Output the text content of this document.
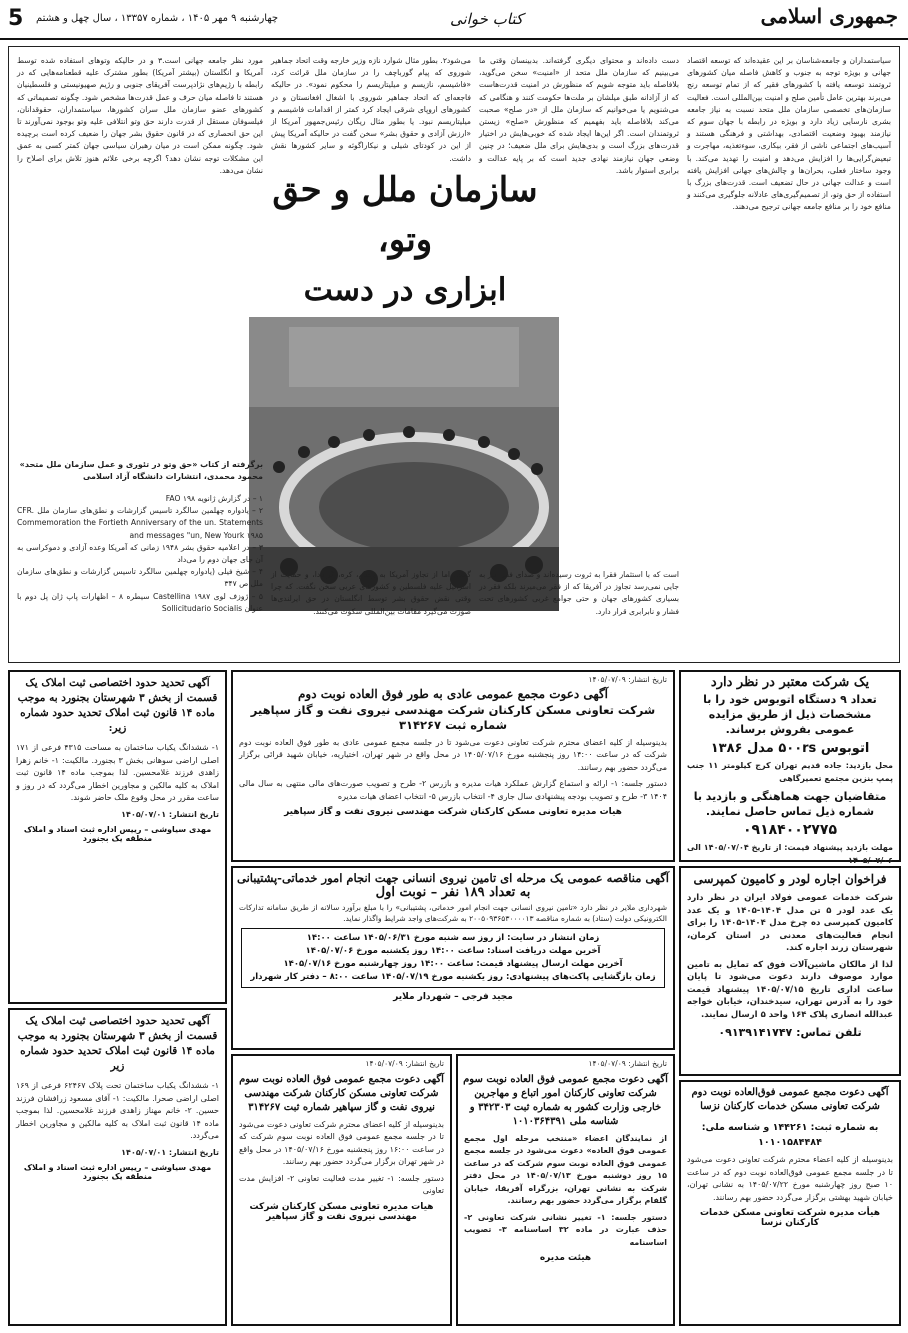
جمهوری اسلامی
کتاب خوانی
چهارشنبه ۹ مهر ۱۴۰۵ ، شماره ۱۳۳۵۷ ، سال چهل و هشتم
5
سیاستمداران و جامعه‌شناسان بر این عقیده‌اند که توسعه اقتصاد جهانی و بویژه توجه به جنوب و کاهش فاصله میان کشورهای ثروتمند توسعه یافته با کشورهای فقیر که از تمام توسعه رنج می‌برند بهترین عامل تأمین صلح و امنیت بین‌المللی است. فعالیت سازمان‌های تخصصی سازمان ملل متحد نسبت به نیاز جامعه بشری نارسایی زیاد دارد و بویژه در رابطه با جهان سوم که نیازمند بهبود وضعیت اقتصادی، بهداشتی و فرهنگی هستند و آسیب‌های اجتماعی ناشی از فقر، بیکاری، سوءتغذیه، مهاجرت و تبعیض‌گرایی‌ها را افزایش می‌دهد و امنیت را تهدید می‌کند. با وجود ساختار فعلی، بحران‌ها و چالش‌های جهانی افزایش یافته است و عدالت جهانی در حال تضعیف است. قدرت‌های بزرگ با استفاده از حق وتو، از تصمیم‌گیری‌های عادلانه جلوگیری می‌کنند و منافع خود را بر منافع جامعه جهانی ترجیح می‌دهند.
دست داده‌اند و محتوای دیگری گرفته‌اند. بدبینسان وقتی ما می‌بینیم که سازمان ملل متحد از «امنیت» سخن می‌گوید، بلافاصله باید متوجه شویم که منظورش در امنیت قدرت‌هاست که از آزادانه طبق میلشان بر ملت‌ها حکومت کنند و هنگامی که می‌شنویم یا می‌خوانیم که سازمان ملل از «در صلح» صحبت می‌کند بلافاصله باید بفهمیم که منظورش «صلح» زیستن ثروتمندان است. اگر این‌ها ایجاد شده که خوبی‌هایش در اختیار قدرت‌های بزرگ است و بدی‌هایش برای ملل ضعیف؛ در چنین وضعی جهان نیازمند نهادی جدید است که بر پایه عدالت و برابری استوار باشد.
می‌شود۲. بطور مثال شوارد نازه وزیر خارجه وقت اتحاد جماهیر شوروی که پیام گورباچف را در سازمان ملل قرائت کرد، «فاشیسم، نازیسم و میلیتاریسم را محکوم نمود». در حالیکه فاجعه‌ای که اتحاد جماهیر شوروی با اشغال افغانستان و در کشورهای اروپای شرقی ایجاد کرد کمتر از اقدامات فاشیسم و میلیتاریسم نبود. یا بطور مثال ریگان رئیس‌جمهور آمریکا از «ارزش آزادی و حقوق بشر» سخن گفت در حالیکه آمریکا پیش از این در کودتای شیلی و نیکاراگوئه و سایر کشورها نقش داشت.
مورد نظر جامعه جهانی است.۳ و در حالیکه وتوهای استفاده شده توسط آمریکا و انگلستان (بیشتر آمریکا) بطور مشترک علیه قطعنامه‌هایی که در رابطه با رژیم‌های نژادپرست آفریقای جنوبی و رژیم صهیونیستی و فلسطینیان هستند تا فاصله میان حرف و عمل قدرت‌ها مشخص شود. چگونه تصمیماتی که کشورهای عضو سازمان ملل سران کشورها، سیاستمداران، حقوقدانان، فیلسوفان مستقل از قدرت دارند حق وتو انتلافی علیه وتو بوجود نمی‌آورند تا این حق انحصاری که در قانون حقوق بشر جهان را ضعیف کرده است برچیده شود. چگونه ممکن است در میان رهبران سیاسی جهان کمتر کسی به عمق این مشکلات توجه نشان دهد؟ اگرچه برخی علائم هنوز تلاش برای اصلاح را نشان می‌دهد. سازمان ملل و حق وتو،
ابزاری در دست
برگرفته از کتاب «حق وتو در تئوری و عمل سازمان ملل متحد»
محمود محمدی، انتشارات دانشگاه آزاد اسلامی
۱ – در گزارش ژانویه ۱۹۸ FAO
۲ – یادواره چهلمین سالگرد تاسیس گزارشات و نطق‌های سازمان ملل CFR. Commemoration the Fortieth Anniversary of the un. Statements and messages "un, New Yourk ۱۹۸۵
۳ – در اعلامیه حقوق بشر ۱۹۴۸ زمانی که آمریکا وعده آزادی و دموکراسی به آن جای جهان دوم را می‌داد
۴ – شیخ فیلی (یادواره چهلمین سالگرد تاسیس گزارشات و نطق‌های سازمان ملل ص ۳۴۷
۵ – ژوزف لوی Castellina ۱۹۸۷ سیطره ۸ – اظهارات پاپ ژان پل دوم با عنوان Sollicitudario Socialis
است که با استثمار فقرا به ثروت رسیده‌اند و صدای فقرا نیز به جایی نمی‌رسد تجاوز در آفریقا که از فقر می‌میرند بلکه فقر در بسیاری کشورهای جهان و حتی جوامع غربی کشورهای تحت فشار و نابرابری قرار دارد.
گفت، اما از تجاوز آمریکا به ویتنام، کره، گرانادا، و حمایت از اسرائیل علیه فلسطین و کشورهای عربی سخن نگفت. که چرا وقتی نقض حقوق بشر توسط انگلستان در حق ایرلندی‌ها صورت می‌گیرد مقامات بین‌المللی سکوت می‌کنند.
یک شرکت معتبر در نظر دارد
تعداد ۹ دستگاه اتوبوس خود را با مشخصات ذیل از طریق مزایده عمومی بفروش برساند.
اتوبوس ۵۰۰rs مدل ۱۳۸۶
محل بازدید: جاده قدیم تهران کرج کیلومتر ۱۱ جنب پمپ بنزین مجتمع تعمیرگاهی
متقاضیان جهت هماهنگی و بازدید با شماره ذیل تماس حاصل نمایند.
۰۹۱۸۴۰۰۲۷۷۵
مهلت بازدید پیشنهاد قیمت: از تاریخ ۱۴۰۵/۰۷/۰۴ الی ۱۴۰۵/۰۷/۰۶
فراخوان اجاره لودر و کامیون کمپرسی
شرکت خدمات عمومی فولاد ایران در نظر دارد یک عدد لودر ۵ تن مدل ۱۴۰۴-۱۴۰۵ و یک عدد کامیون کمپرسی ده چرخ مدل ۱۴۰۴-۱۴۰۵ را برای انجام فعالیت‌های معدنی در استان کرمان، شهرستان زرند اجاره کند.
لذا از مالکان ماشین‌آلات فوق که تمایل به تامین موارد موصوف دارند دعوت می‌شود تا پایان ساعت اداری تاریخ ۱۴۰۵/۰۷/۱۵ پیشنهاد قیمت خود را به آدرس تهران، سیدخندان، خیابان خواجه عبدالله انصاری پلاک ۱۶۴ واحد ۵ ارسال نمایند.
تلفن تماس: ۰۹۱۳۹۱۴۱۷۴۷
آگهی دعوت مجمع عمومی فوق‌العاده نوبت دوم شرکت تعاونی مسکن خدمات کارکنان نزسا
به شماره ثبت: ۱۴۴۲۶۱ و شناسه ملی: ۱۰۱۰۱۵۸۴۴۸۴
بدینوسیله از کلیه اعضاء محترم شرکت تعاونی دعوت می‌شود تا در جلسه مجمع عمومی فوق‌العاده نوبت دوم که در ساعت ۱۰ صبح روز چهارشنبه مورخ ۱۴۰۵/۰۷/۲۲ به نشانی تهران، خیابان شهید بهشتی برگزار می‌گردد حضور بهم رسانند.
هیأت مدیره شرکت تعاونی مسکن خدمات کارکنان نزسا
تاریخ انتشار: ۱۴۰۵/۰۷/۰۹
آگهی دعوت مجمع عمومی عادی به طور فوق العاده نوبت دوم
شرکت تعاونی مسکن کارکنان شرکت مهندسی نیروی نفت و گاز سپاهیر شماره ثبت ۳۱۴۲۶۷
بدینوسیله از کلیه اعضای محترم شرکت تعاونی دعوت می‌شود تا در جلسه مجمع عمومی عادی به طور فوق العاده نوبت دوم شرکت که در ساعت ۱۴:۰۰ روز پنجشنبه مورخ ۱۴۰۵/۰۷/۱۶ در محل واقع در شهر تهران، اختیاریه، خیابان شهید قرائی برگزار می‌گردد حضور بهم رسانند.
دستور جلسه: ۱- ارائه و استماع گزارش عملکرد هیات مدیره و بازرس ۲- طرح و تصویب صورت‌های مالی منتهی به سال مالی ۱۴۰۴ ۳- طرح و تصویب بودجه پیشنهادی سال جاری ۴- انتخاب بازرس ۵- انتخاب اعضای هیات مدیره
هیات مدیره تعاونی مسکن کارکنان شرکت مهندسی نیروی نفت و گاز سپاهیر
آگهی مناقصه عمومی یک مرحله ای تامین نیروی انسانی جهت انجام امور خدماتی-پشتیبانی
به تعداد ۱۸۹ نفر – نوبت اول
شهرداری ملایر در نظر دارد «تامین نیروی انسانی جهت انجام امور خدماتی، پشتیبانی» را با مبلغ برآورد سالانه از طریق سامانه تدارکات الکترونیکی دولت (ستاد) به شماره مناقصه ۲۰۰۵۰۹۳۶۵۳۰۰۰۰۱۳ به شرکت‌های واجد شرایط واگذار نماید.
زمان انتشار در سایت: از روز سه شنبه مورخ ۱۴۰۵/۰۶/۳۱ ساعت ۱۴:۰۰
آخرین مهلت دریافت اسناد: ساعت ۱۴:۰۰ روز یکشنبه مورخ ۱۴۰۵/۰۷/۰۶
آخرین مهلت ارسال پیشنهاد قیمت: ساعت ۱۴:۰۰ روز چهارشنبه مورخ ۱۴۰۵/۰۷/۱۶
زمان بازگشایی پاکت‌های پیشنهادی: روز یکشنبه مورخ ۱۴۰۵/۰۷/۱۹ ساعت ۸:۰۰ – دفتر کار شهردار
مجید فرجی – شهردار ملایر
تاریخ انتشار: ۱۴۰۵/۰۷/۰۹
آگهی دعوت مجمع عمومی فوق العاده نوبت سوم شرکت تعاونی کارکنان امور اتباع و مهاجرین خارجی وزارت کشور به شماره ثبت ۳۴۲۳۰۳ و شناسه ملی ۱۰۱۰۳۶۴۳۹۱
از نمایندگان اعضاء «منتخب مرحله اول مجمع عمومی فوق العاده» دعوت می‌شود در جلسه مجمع عمومی فوق العاده نوبت سوم شرکت که در ساعت ۱۵ روز دوشنبه مورخ ۱۴۰۵/۰۷/۱۳ در محل دفتر شرکت به نشانی تهران، بزرگراه آفریقا، خیابان گلفام برگزار می‌گردد حضور بهم رسانند.
دستور جلسه: ۱- تغییر نشانی شرکت تعاونی ۲- حذف عبارت در ماده ۳۲ اساسنامه ۳- تصویب اساسنامه
هیئت مدیره
تاریخ انتشار: ۱۴۰۵/۰۷/۰۹
آگهی دعوت مجمع عمومی فوق العاده نوبت سوم شرکت تعاونی مسکن کارکنان شرکت مهندسی نیروی نفت و گاز سپاهیر شماره ثبت ۳۱۴۲۶۷
بدینوسیله از کلیه اعضای محترم شرکت تعاونی دعوت می‌شود تا در جلسه مجمع عمومی فوق العاده نوبت سوم شرکت که در ساعت ۱۶:۰۰ روز پنجشنبه مورخ ۱۴۰۵/۰۷/۱۶ در محل واقع در شهر تهران برگزار می‌گردد حضور بهم رسانند.
دستور جلسه: ۱- تغییر مدت فعالیت تعاونی ۲- افزایش مدت تعاونی
هیات مدیره تعاونی مسکن کارکنان شرکت مهندسی نیروی نفت و گاز سپاهیر
آگهی تحدید حدود اختصاصی ثبت املاک یک قسمت از بخش ۳ شهرستان بجنورد به موجب ماده ۱۴ قانون ثبت املاک تحدید حدود شماره زیر:
۱- ششدانگ یکباب ساختمان به مساحت ۴۳۱۵ فرعی از ۱۷۱ اصلی اراضی سوهانی بخش ۳ بجنورد. مالکیت: ۱- خانم زهرا زاهدی فرزند غلامحسین. لذا بموجب ماده ۱۴ قانون ثبت املاک به کلیه مالکین و مجاورین اخطار می‌گردد که در روز و ساعت مقرر در محل وقوع ملک حاضر شوند.
تاریخ انتشار: ۱۴۰۵/۰۷/۰۱
مهدی سیاوشی – رییس اداره ثبت اسناد و املاک منطقه یک بجنورد
آگهی تحدید حدود اختصاصی ثبت املاک یک قسمت از بخش ۳ شهرستان بجنورد به موجب ماده ۱۴ قانون ثبت املاک تحدید حدود شماره زیر
۱- ششدانگ یکباب ساختمان تحت پلاک ۶۲۴۶۷ فرعی از ۱۶۹ اصلی اراضی صحرا. مالکیت: ۱- آقای مسعود زرافشان فرزند حسین. ۲- خانم مهناز زاهدی فرزند غلامحسین. لذا بموجب ماده ۱۴ قانون ثبت املاک به کلیه مالکین و مجاورین اخطار می‌گردد.
تاریخ انتشار: ۱۴۰۵/۰۷/۰۱
مهدی سیاوشی – رییس اداره ثبت اسناد و املاک منطقه یک بجنورد
